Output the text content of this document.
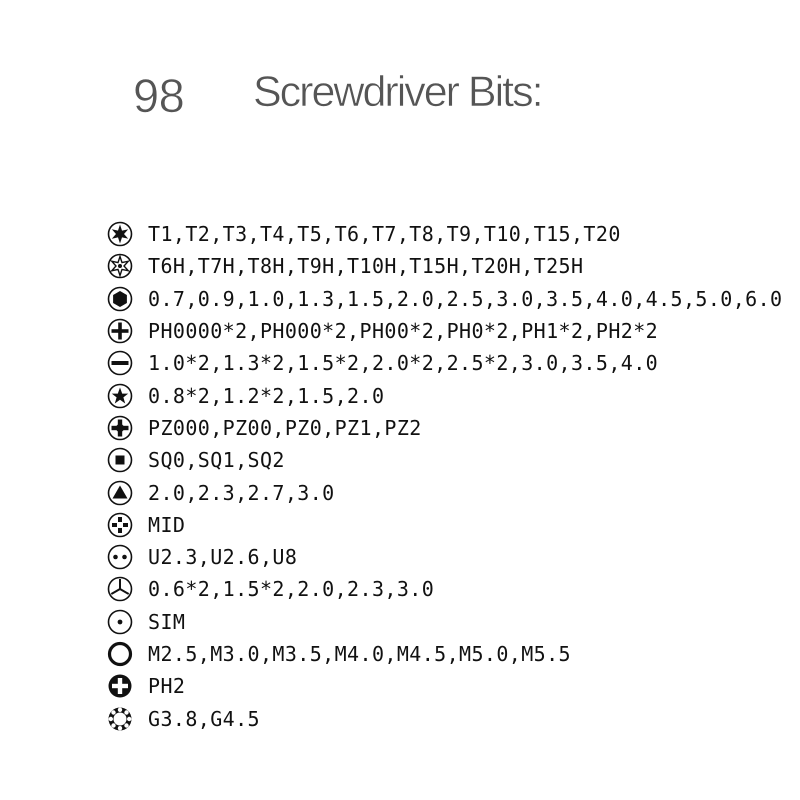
98 Screwdriver Bits:
T1,T2,T3,T4,T5,T6,T7,T8,T9,T10,T15,T20
T6H,T7H,T8H,T9H,T10H,T15H,T20H,T25H
0.7,0.9,1.0,1.3,1.5,2.0,2.5,3.0,3.5,4.0,4.5,5.0,6.0
PH0000*2,PH000*2,PH00*2,PH0*2,PH1*2,PH2*2
1.0*2,1.3*2,1.5*2,2.0*2,2.5*2,3.0,3.5,4.0
0.8*2,1.2*2,1.5,2.0
PZ000,PZ00,PZ0,PZ1,PZ2
SQ0,SQ1,SQ2
2.0,2.3,2.7,3.0
MID
U2.3,U2.6,U8
0.6*2,1.5*2,2.0,2.3,3.0
SIM
M2.5,M3.0,M3.5,M4.0,M4.5,M5.0,M5.5
PH2
G3.8,G4.5
